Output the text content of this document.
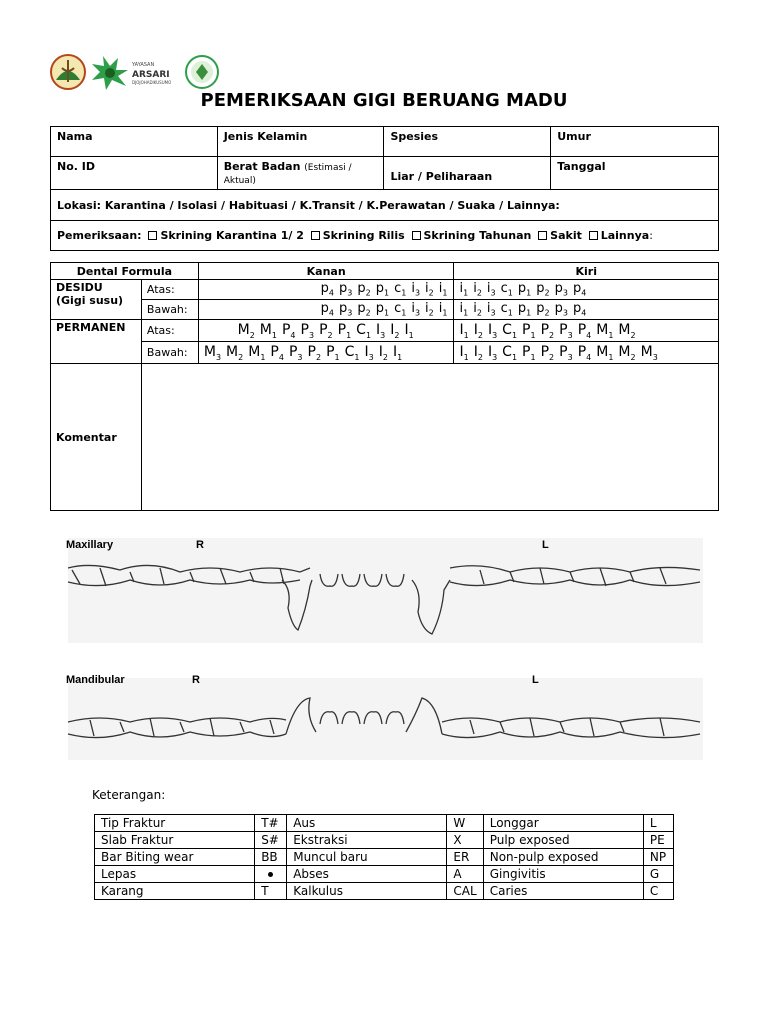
YAYASAN
ARSARI
DJOJOHADIKUSUMO
PEMERIKSAAN GIGI BERUANG MADU
Nama	Jenis Kelamin	Spesies	Umur
No. ID	Berat Badan (Estimasi / Aktual)	Liar / Peliharaan	Tanggal
Lokasi: Karantina / Isolasi / Habituasi / K.Transit / K.Perawatan / Suaka / Lainnya:			
Pemeriksaan: Skrining Karantina 1/ 2 Skrining Rilis Skrining Tahunan Sakit Lainnya:			
Dental Formula		Kanan	Kiri

DESIDU
(Gigi susu)	Atas:	$p_4$ $p_3$ $p_2$ $p_1$ $c_1$ $i_3$ $i_2$ $i_1$	$i_1$ $i_2$ $i_3$ $c_1$ $p_1$ $p_2$ $p_3$ $p_4$
	Bawah:	$p_4$ $p_3$ $p_2$ $p_1$ $c_1$ $i_3$ $i_2$ $i_1$	$i_1$ $i_2$ $i_3$ $c_1$ $p_1$ $p_2$ $p_3$ $p_4$
PERMANEN	Atas:	$M_2$ $M_1$ $P_4$ $P_3$ $P_2$ $P_1$ $C_1$ $I_3$ $I_2$ $I_1$	$I_1$ $I_2$ $I_3$ $C_1$ $P_1$ $P_2$ $P_3$ $P_4$ $M_1$ $M_2$
	Bawah:	$M_3$ $M_2$ $M_1$ $P_4$ $P_3$ $P_2$ $P_1$ $C_1$ $I_3$ $I_2$ $I_1$	$I_1$ $I_2$ $I_3$ $C_1$ $P_1$ $P_2$ $P_3$ $P_4$ $M_1$ $M_2$ $M_3$
Komentar			
Maxillary	R	L
Mandibular	R	L
Keterangan:
Tip Fraktur	T#	Aus	W	Longgar	L
Slab Fraktur	S#	Ekstraksi	X	Pulp exposed	PE
Bar Biting wear	BB	Muncul baru	ER	Non-pulp exposed	NP
Lepas		Abses	A	Gingivitis	G
Karang	T	Kalkulus	CAL	Caries	C
